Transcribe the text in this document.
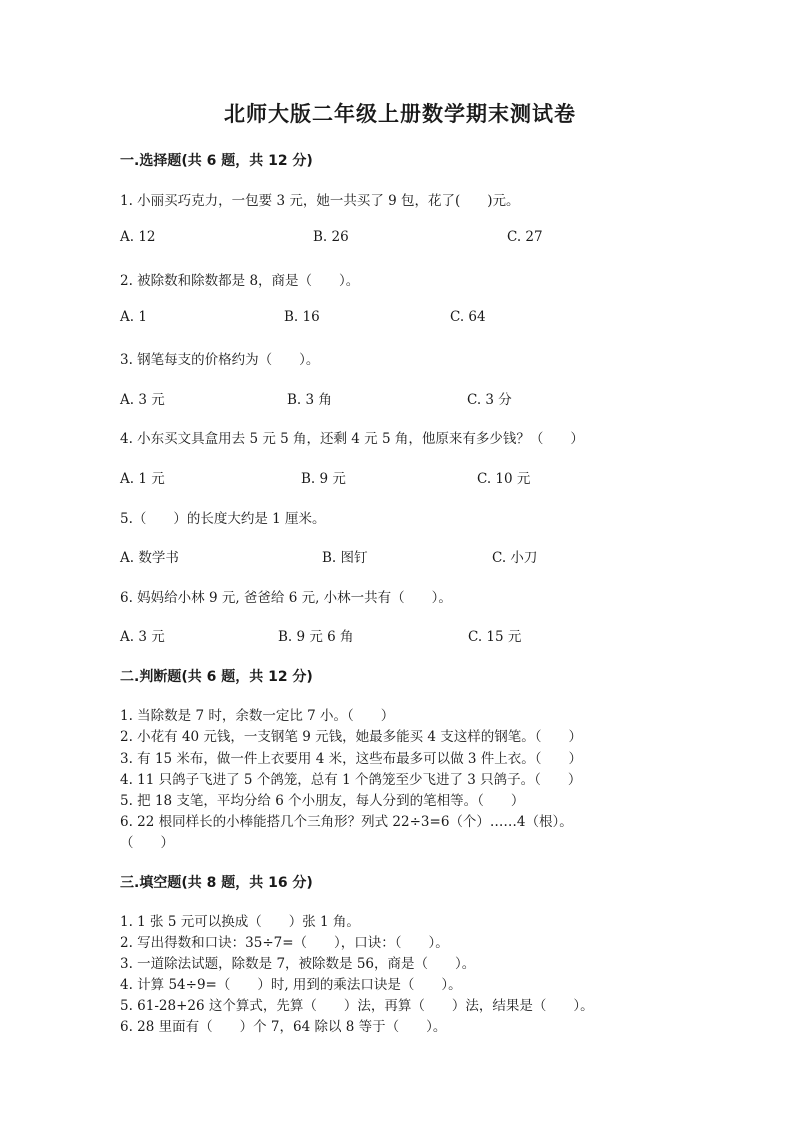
北师大版二年级上册数学期末测试卷
一.选择题(共 6 题，共 12 分)
1. 小丽买巧克力，一包要 3 元，她一共买了 9 包，花了(　　)元。
A. 12	B. 26	C. 27
2. 被除数和除数都是 8，商是（　　）。
A. 1	B. 16	C. 64
3. 钢笔每支的价格约为（　　）。
A. 3 元	B. 3 角	C. 3 分
4. 小东买文具盒用去 5 元 5 角，还剩 4 元 5 角，他原来有多少钱？（　　）
A. 1 元	B. 9 元	C. 10 元
5.（　　）的长度大约是 1 厘米。
A. 数学书	B. 图钉	C. 小刀
6. 妈妈给小林 9 元, 爸爸给 6 元, 小林一共有（　　）。
A. 3 元	B. 9 元 6 角	C. 15 元
二.判断题(共 6 题，共 12 分)
1. 当除数是 7 时，余数一定比 7 小。（　　）
2. 小花有 40 元钱，一支钢笔 9 元钱，她最多能买 4 支这样的钢笔。（　　）
3. 有 15 米布，做一件上衣要用 4 米，这些布最多可以做 3 件上衣。（　　）
4. 11 只鸽子飞进了 5 个鸽笼，总有 1 个鸽笼至少飞进了 3 只鸽子。（　　）
5. 把 18 支笔，平均分给 6 个小朋友，每人分到的笔相等。（　　）
6. 22 根同样长的小棒能搭几个三角形？列式 22÷3=6（个）……4（根）。
（　　）
三.填空题(共 8 题，共 16 分)
1. 1 张 5 元可以换成（　　）张 1 角。
2. 写出得数和口诀：35÷7=（　　），口诀：（　　）。
3. 一道除法试题，除数是 7，被除数是 56，商是（　　）。
4. 计算 54÷9=（　　）时, 用到的乘法口诀是（　　）。
5. 61-28+26 这个算式，先算（　　）法，再算（　　）法，结果是（　　）。
6. 28 里面有（　　）个 7，64 除以 8 等于（　　）。
